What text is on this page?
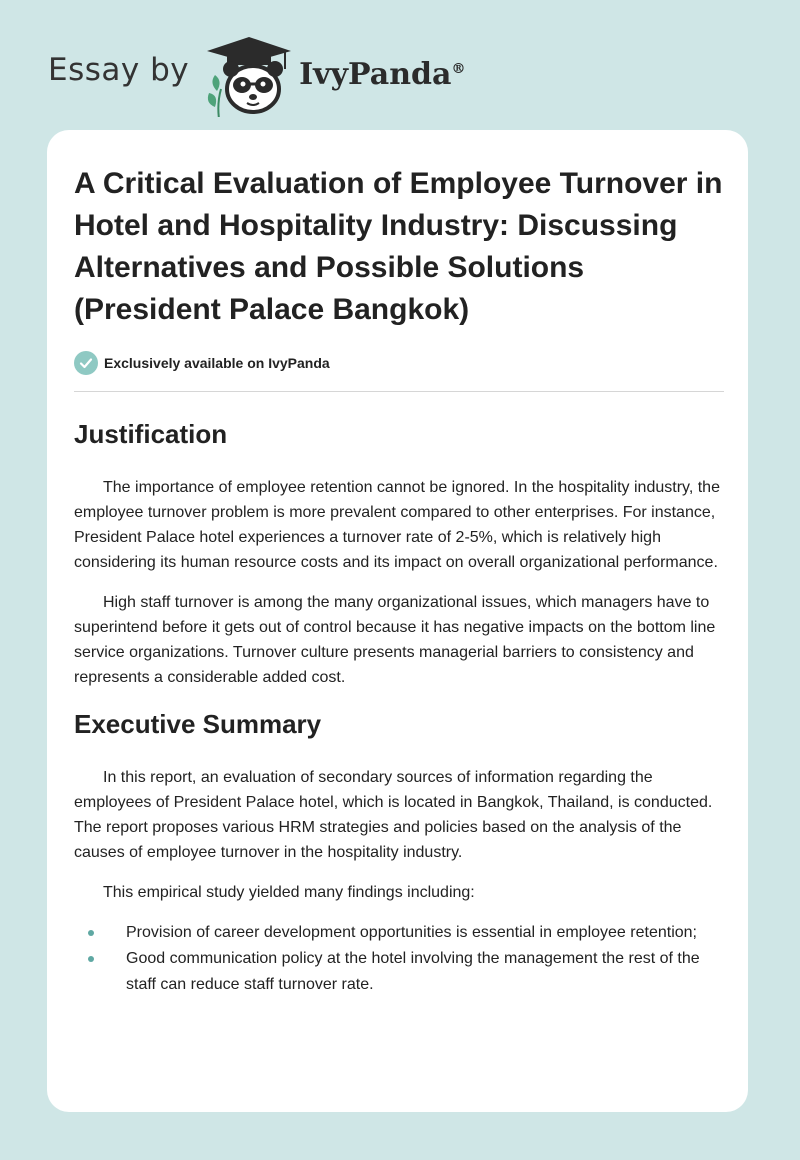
Essay by	IvyPanda®
A Critical Evaluation of Employee Turnover in Hotel and Hospitality Industry: Discussing Alternatives and Possible Solutions (President Palace Bangkok)
Exclusively available on IvyPanda
Justification

The importance of employee retention cannot be ignored. In the hospitality industry, the employee turnover problem is more prevalent compared to other enterprises. For instance, President Palace hotel experiences a turnover rate of 2-5%, which is relatively high considering its human resource costs and its impact on overall organizational performance.

High staff turnover is among the many organizational issues, which managers have to superintend before it gets out of control because it has negative impacts on the bottom line service organizations. Turnover culture presents managerial barriers to consistency and represents a considerable added cost.

Executive Summary

In this report, an evaluation of secondary sources of information regarding the employees of President Palace hotel, which is located in Bangkok, Thailand, is conducted. The report proposes various HRM strategies and policies based on the analysis of the causes of employee turnover in the hospitality industry.

This empirical study yielded many findings including:

Provision of career development opportunities is essential in employee retention;
Good communication policy at the hotel involving the management the rest of the staff can reduce staff turnover rate.
